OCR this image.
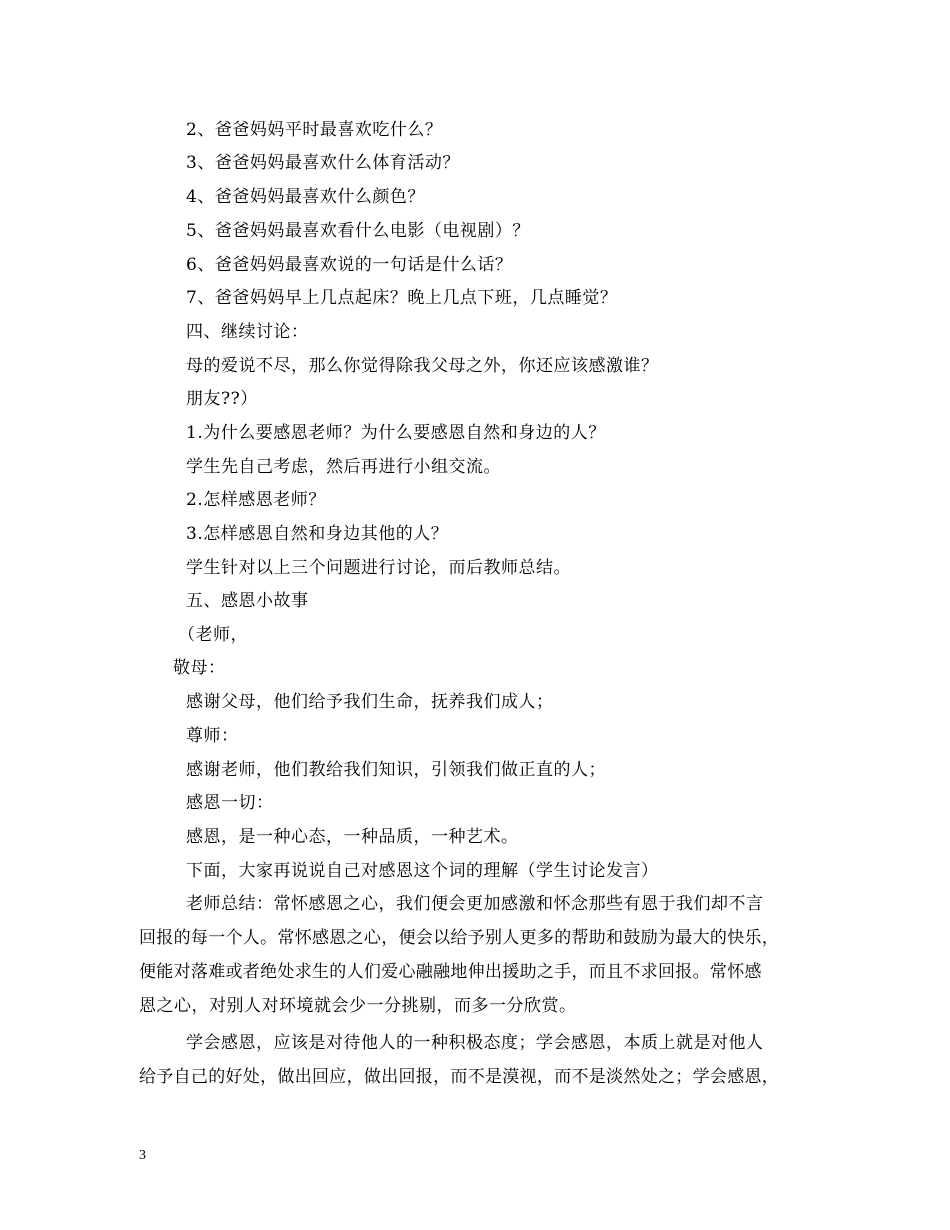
2、爸爸妈妈平时最喜欢吃什么？
3、爸爸妈妈最喜欢什么体育活动？
4、爸爸妈妈最喜欢什么颜色？
5、爸爸妈妈最喜欢看什么电影（电视剧）？
6、爸爸妈妈最喜欢说的一句话是什么话？
7、爸爸妈妈早上几点起床？晚上几点下班，几点睡觉？
四、继续讨论：
母的爱说不尽，那么你觉得除我父母之外，你还应该感激谁？
朋友??）
1.为什么要感恩老师？为什么要感恩自然和身边的人？
学生先自己考虑，然后再进行小组交流。
2.怎样感恩老师？
3.怎样感恩自然和身边其他的人？
学生针对以上三个问题进行讨论，而后教师总结。
五、感恩小故事
（老师，
敬母：
感谢父母，他们给予我们生命，抚养我们成人；
尊师：
感谢老师，他们教给我们知识，引领我们做正直的人；
感恩一切：
感恩，是一种心态，一种品质，一种艺术。
下面，大家再说说自己对感恩这个词的理解（学生讨论发言）
老师总结：常怀感恩之心，我们便会更加感激和怀念那些有恩于我们却不言
回报的每一个人。常怀感恩之心，便会以给予别人更多的帮助和鼓励为最大的快乐，
便能对落难或者绝处求生的人们爱心融融地伸出援助之手，而且不求回报。常怀感
恩之心，对别人对环境就会少一分挑剔，而多一分欣赏。
学会感恩，应该是对待他人的一种积极态度；学会感恩，本质上就是对他人
给予自己的好处，做出回应，做出回报，而不是漠视，而不是淡然处之；学会感恩，
3
